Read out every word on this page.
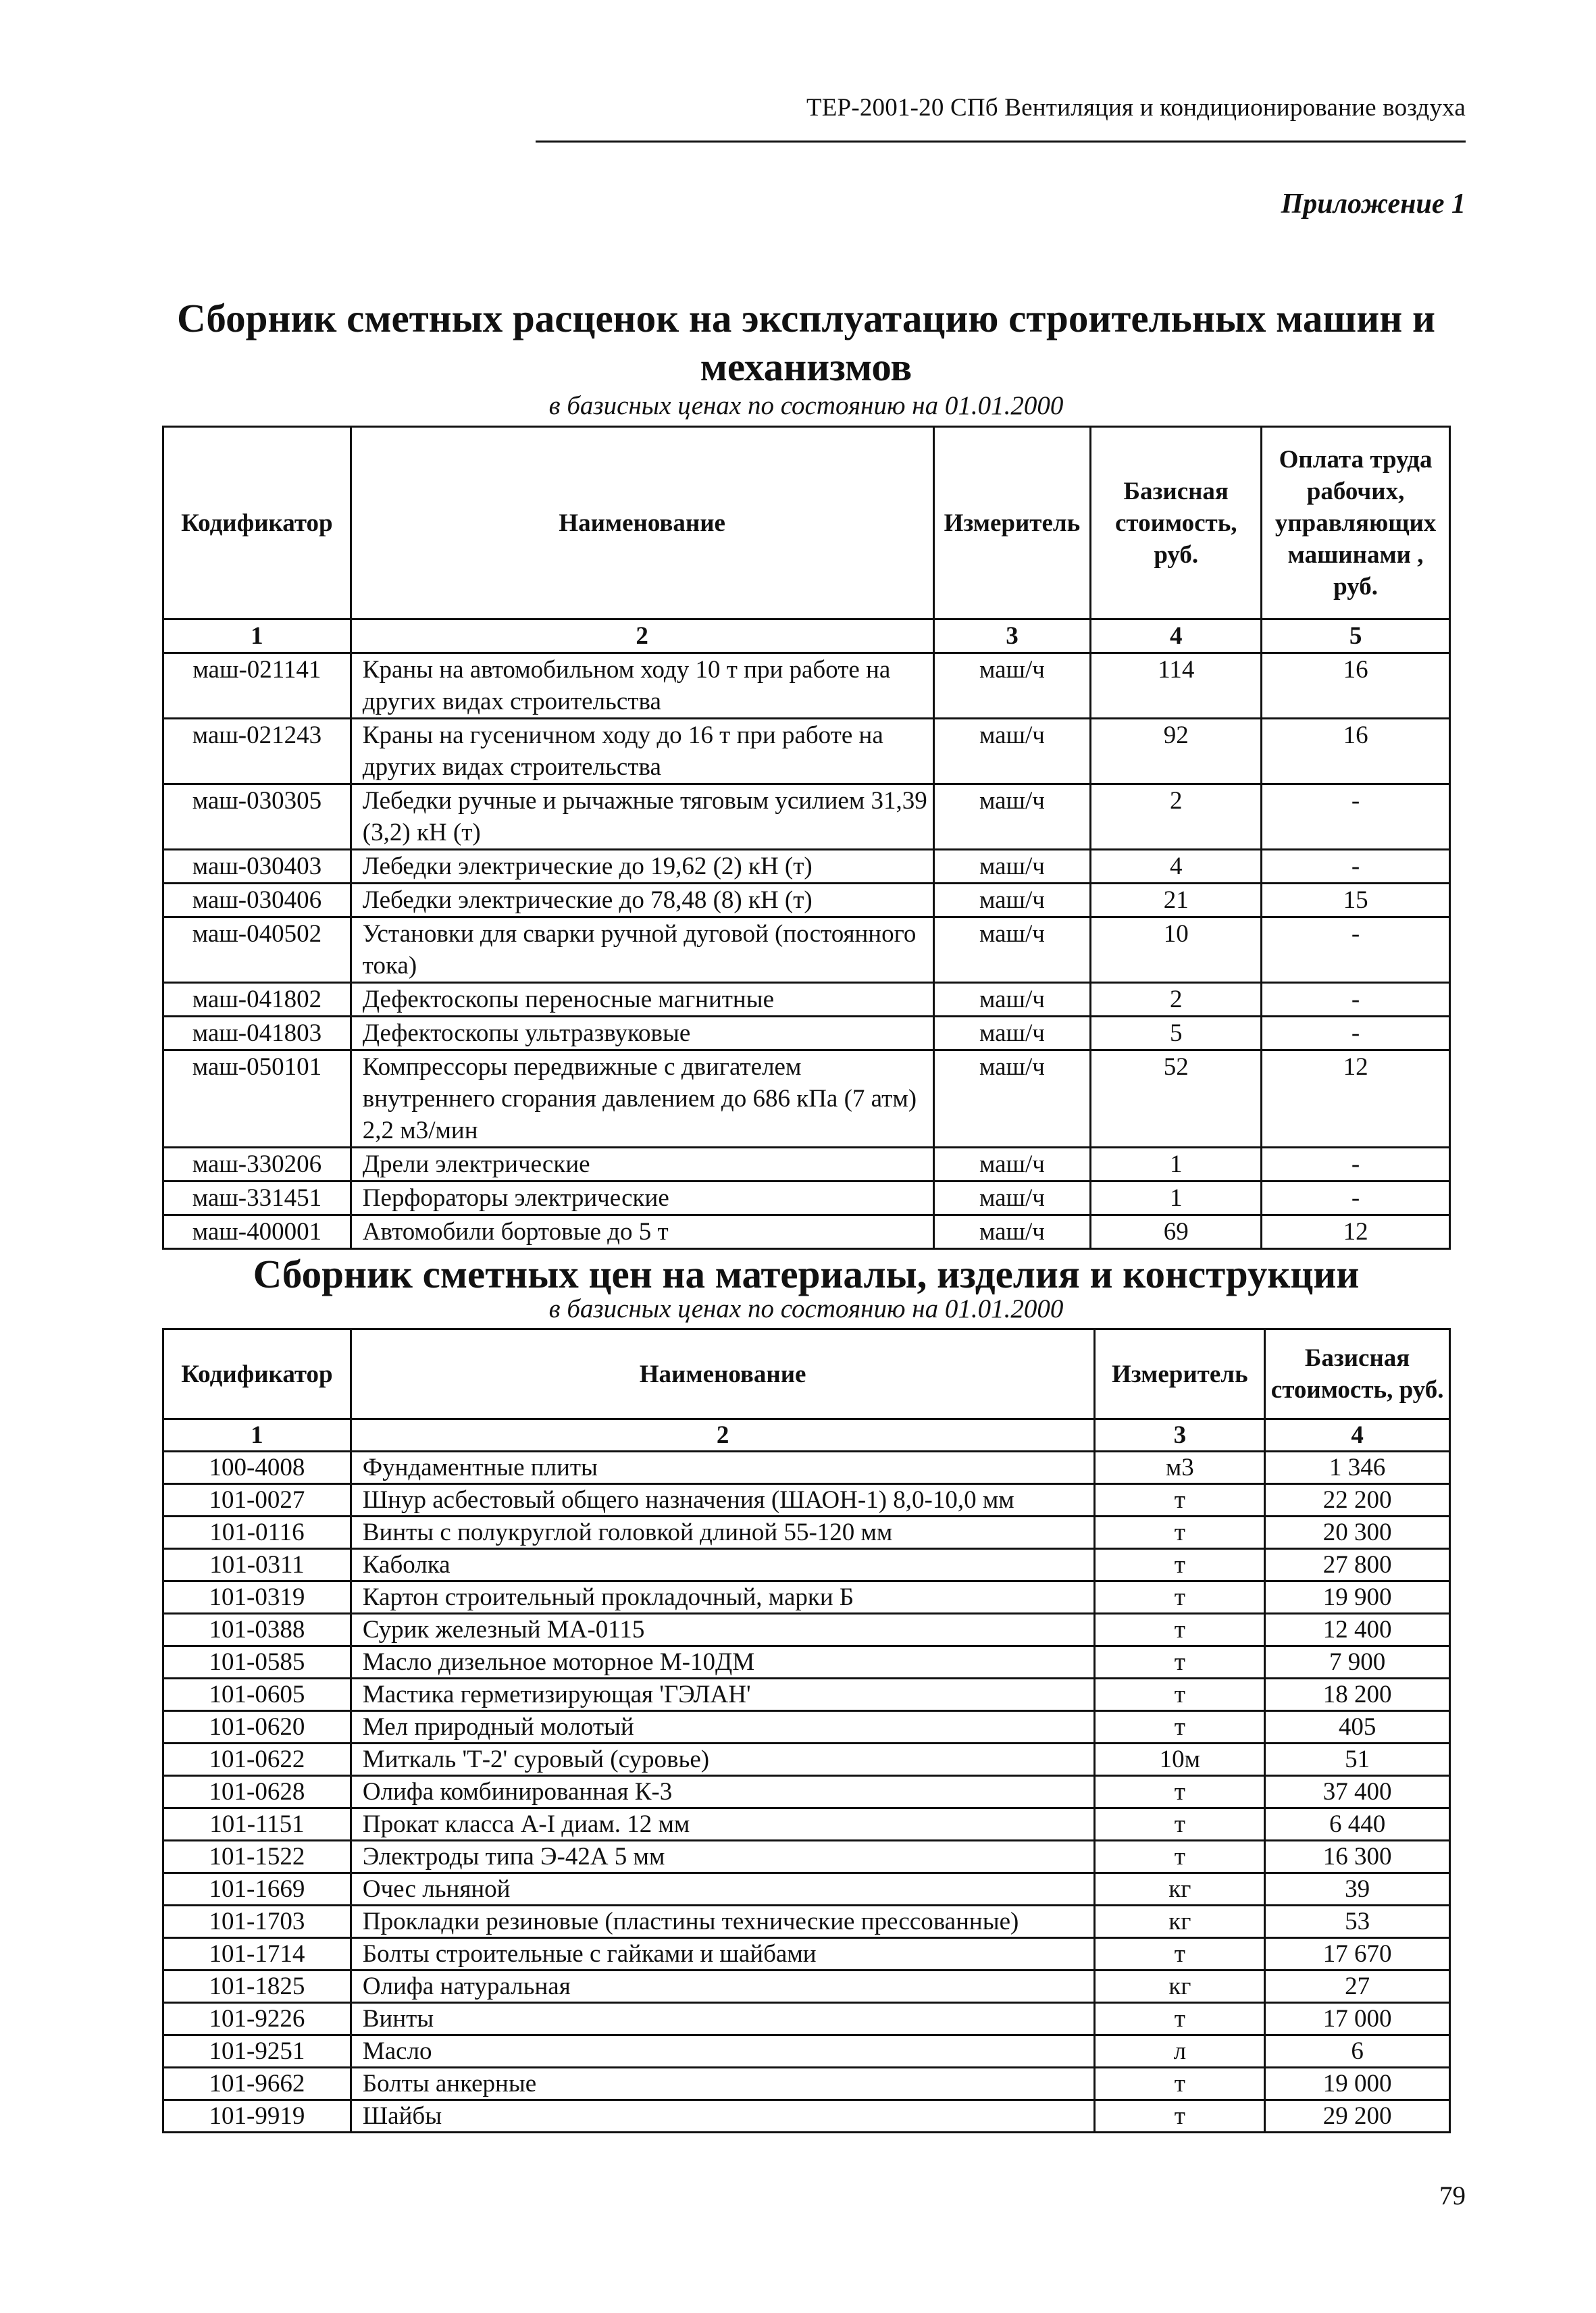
ТЕР-2001-20 СПб Вентиляция и кондиционирование воздуха
Приложение 1
Сборник сметных расценок на эксплуатацию строительных машин и механизмов
в базисных ценах по состоянию на 01.01.2000
Кодификатор	Наименование	Измеритель	Базисная стоимость, руб.	Оплата труда рабочих, управляющих машинами , руб.
1	2	3	4	5
маш-021141	Краны на автомобильном ходу 10 т при работе на других видах строительства	маш/ч	114	16
маш-021243	Краны на гусеничном ходу до 16 т при работе на других видах строительства	маш/ч	92	16
маш-030305	Лебедки ручные и рычажные тяговым усилием 31,39 (3,2) кН (т)	маш/ч	2	-
маш-030403	Лебедки электрические до 19,62 (2) кН (т)	маш/ч	4	-
маш-030406	Лебедки электрические до 78,48 (8) кН (т)	маш/ч	21	15
маш-040502	Установки для сварки ручной дуговой (постоянного тока)	маш/ч	10	-
маш-041802	Дефектоскопы переносные магнитные	маш/ч	2	-
маш-041803	Дефектоскопы ультразвуковые	маш/ч	5	-
маш-050101	Компрессоры передвижные с двигателем внутреннего сгорания давлением до 686 кПа (7 атм) 2,2 м3/мин	маш/ч	52	12
маш-330206	Дрели электрические	маш/ч	1	-
маш-331451	Перфораторы электрические	маш/ч	1	-
маш-400001	Автомобили бортовые до 5 т	маш/ч	69	12
Сборник сметных цен на материалы, изделия и конструкции
в базисных ценах по состоянию на 01.01.2000
Кодификатор	Наименование	Измеритель	Базисная стоимость, руб.
1	2	3	4
100-4008	Фундаментные плиты	м3	1 346
101-0027	Шнур асбестовый общего назначения (ШАОН-1) 8,0-10,0 мм	т	22 200
101-0116	Винты с полукруглой головкой длиной 55-120 мм	т	20 300
101-0311	Каболка	т	27 800
101-0319	Картон строительный прокладочный, марки Б	т	19 900
101-0388	Сурик железный МА-0115	т	12 400
101-0585	Масло дизельное моторное М-10ДМ	т	7 900
101-0605	Мастика герметизирующая 'ГЭЛАН'	т	18 200
101-0620	Мел природный молотый	т	405
101-0622	Миткаль 'Т-2' суровый (суровье)	10м	51
101-0628	Олифа комбинированная К-3	т	37 400
101-1151	Прокат класса А-I диам. 12 мм	т	6 440
101-1522	Электроды типа Э-42А 5 мм	т	16 300
101-1669	Очес льняной	кг	39
101-1703	Прокладки резиновые (пластины технические прессованные)	кг	53
101-1714	Болты строительные с гайками и шайбами	т	17 670
101-1825	Олифа натуральная	кг	27
101-9226	Винты	т	17 000
101-9251	Масло	л	6
101-9662	Болты анкерные	т	19 000
101-9919	Шайбы	т	29 200
79
